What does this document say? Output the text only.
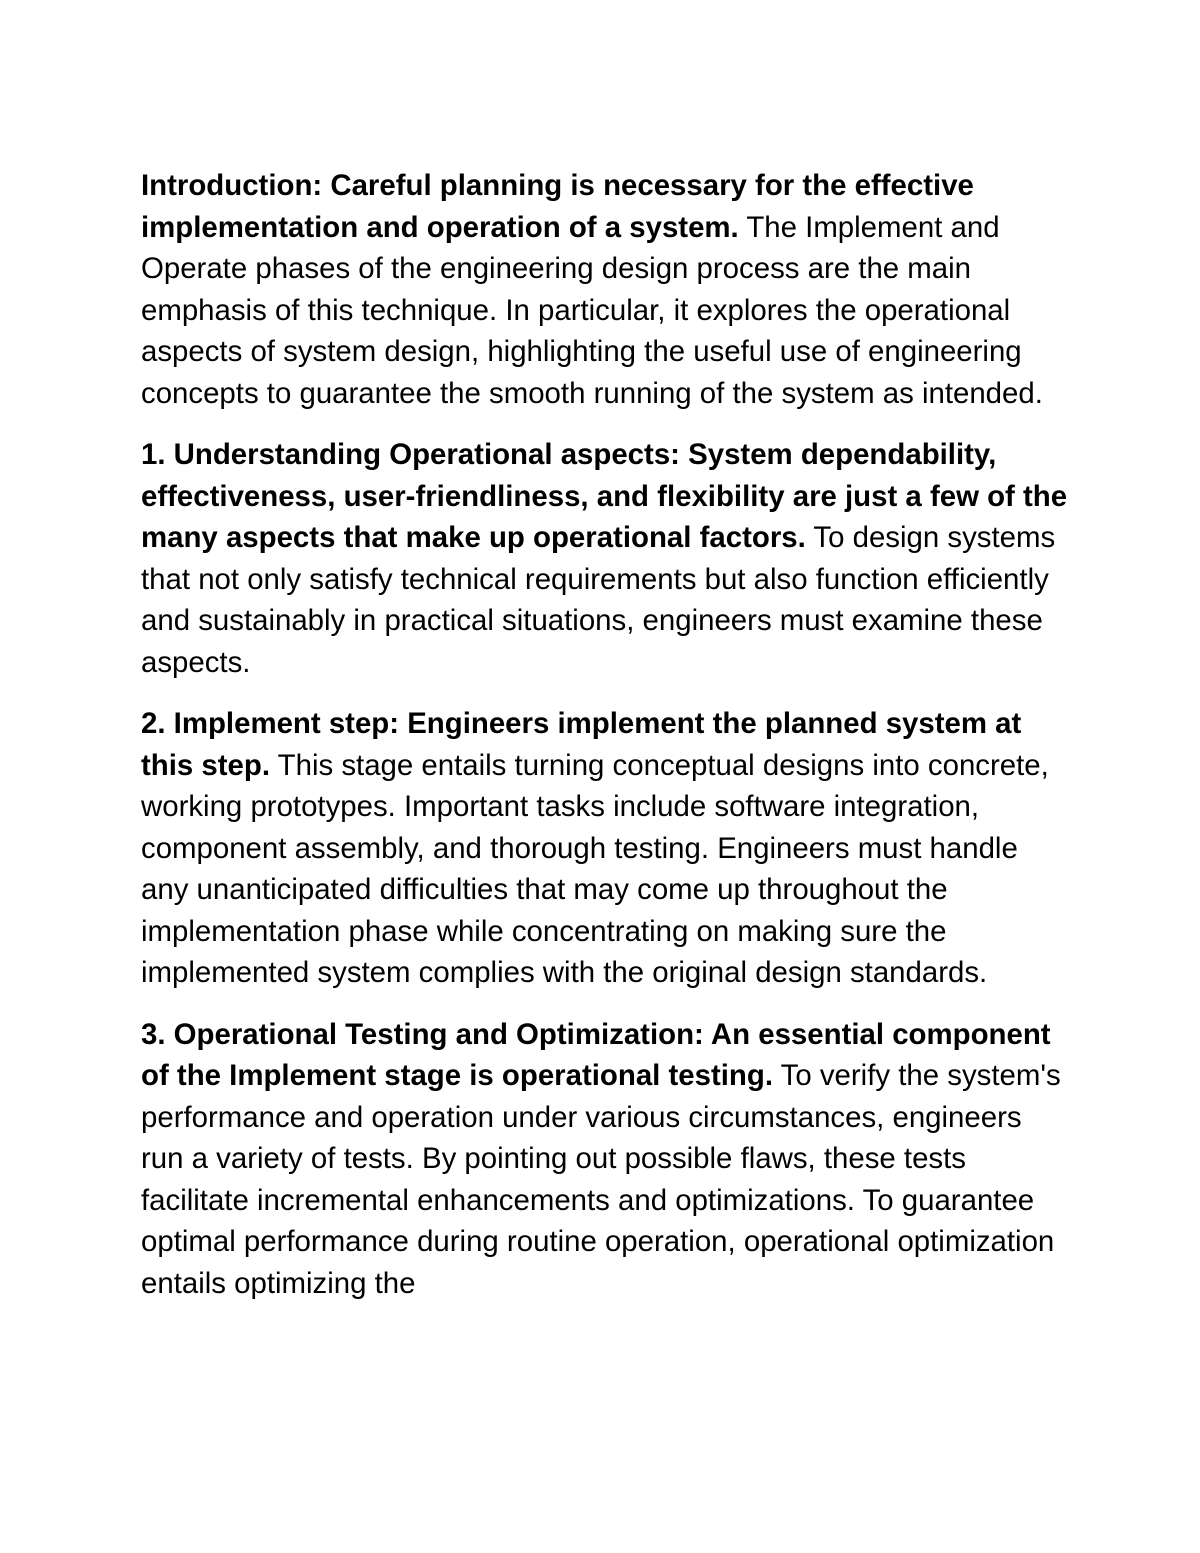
Introduction: Careful planning is necessary for the effective implementation and operation of a system. The Implement and Operate phases of the engineering design process are the main emphasis of this technique. In particular, it explores the operational aspects of system design, highlighting the useful use of engineering concepts to guarantee the smooth running of the system as intended.

1. Understanding Operational aspects: System dependability, effectiveness, user-friendliness, and flexibility are just a few of the many aspects that make up operational factors. To design systems that not only satisfy technical requirements but also function efficiently and sustainably in practical situations, engineers must examine these aspects.

2. Implement step: Engineers implement the planned system at this step. This stage entails turning conceptual designs into concrete, working prototypes. Important tasks include software integration, component assembly, and thorough testing. Engineers must handle any unanticipated difficulties that may come up throughout the implementation phase while concentrating on making sure the implemented system complies with the original design standards.

3. Operational Testing and Optimization: An essential component of the Implement stage is operational testing. To verify the system's performance and operation under various circumstances, engineers run a variety of tests. By pointing out possible flaws, these tests facilitate incremental enhancements and optimizations. To guarantee optimal performance during routine operation, operational optimization entails optimizing the
